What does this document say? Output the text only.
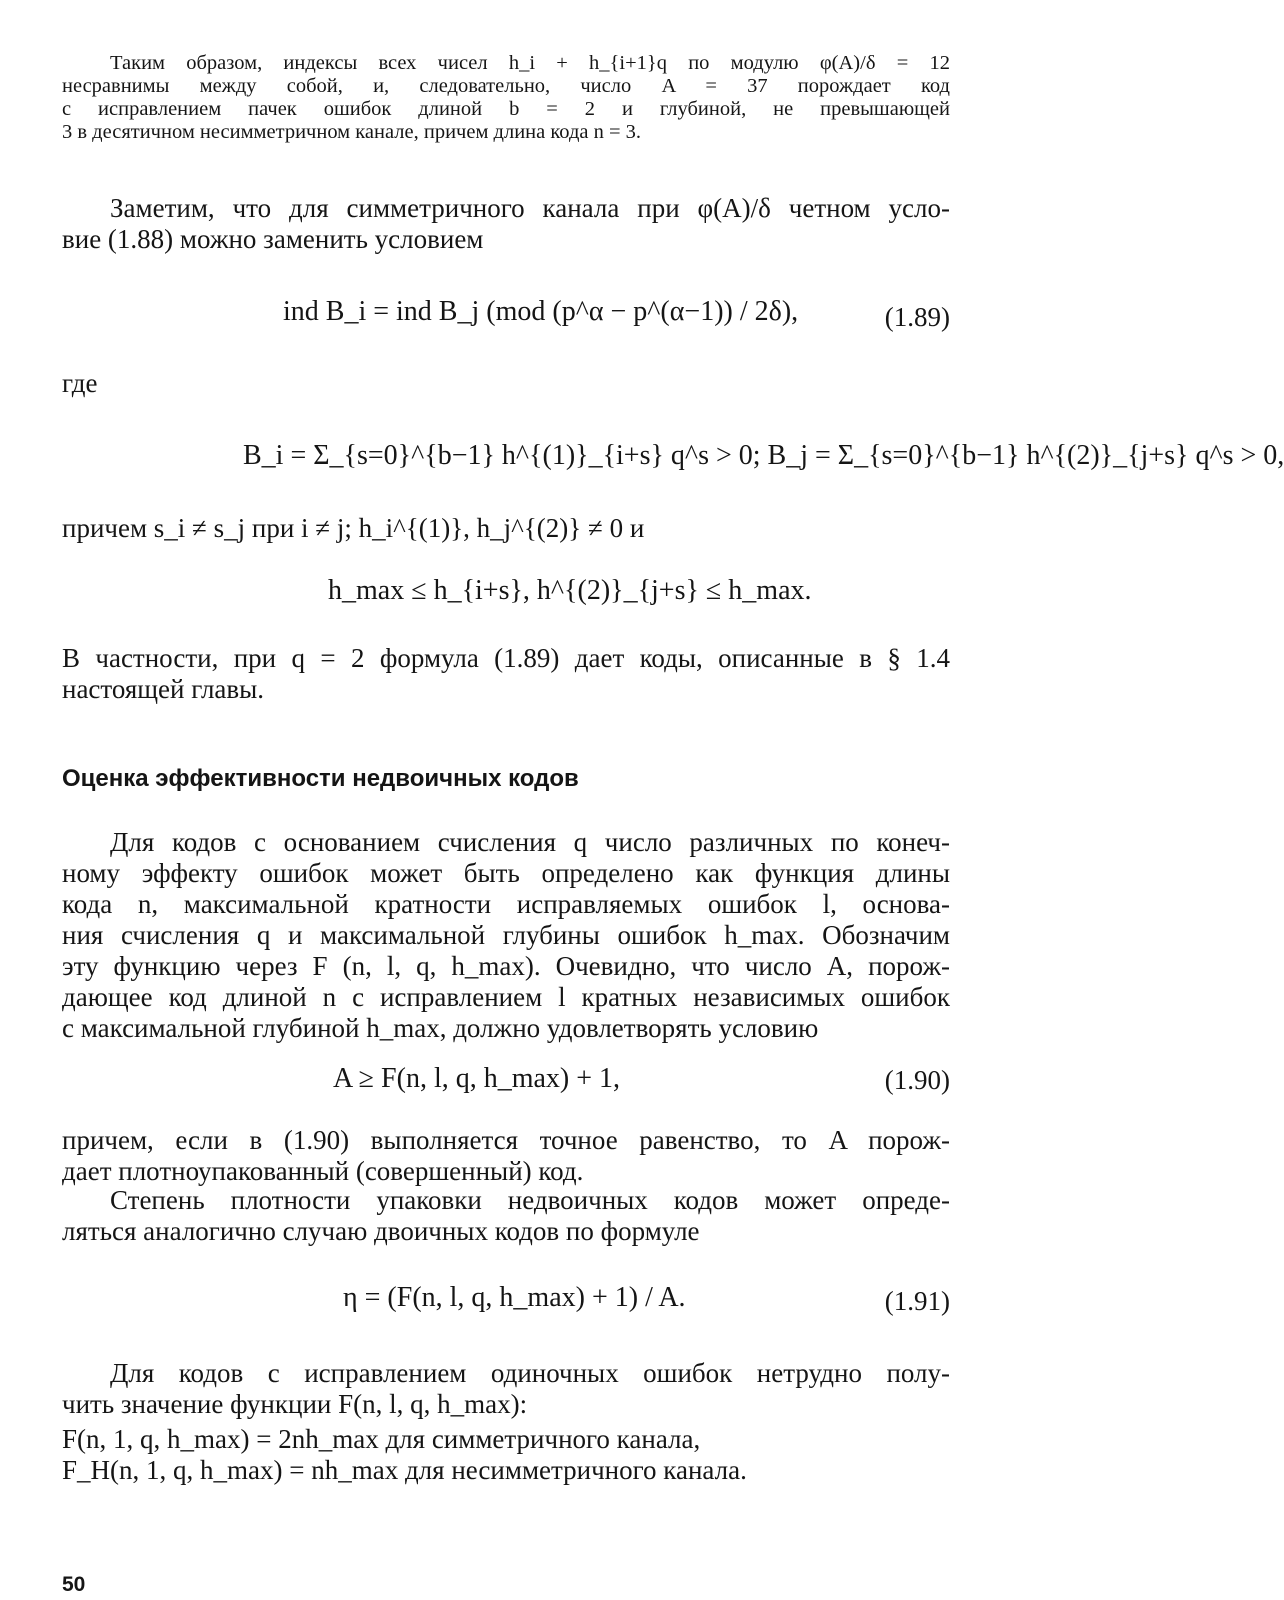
Таким образом, индексы всех чисел h_i + h_{i+1}q по модулю φ(A)/δ = 12
несравнимы между собой, и, следовательно, число A = 37 порождает код
с исправлением пачек ошибок длиной b = 2 и глубиной, не превышающей
3 в десятичном несимметричном канале, причем длина кода n = 3.
Заметим, что для симметричного канала при φ(A)/δ четном усло-
вие (1.88) можно заменить условием
ind B_i = ind B_j (mod (p^α − p^(α−1)) / 2δ),	(1.89)
где
B_i = Σ_{s=0}^{b−1} h^{(1)}_{i+s} q^s > 0; B_j = Σ_{s=0}^{b−1} h^{(2)}_{j+s} q^s > 0,
причем s_i ≠ s_j при i ≠ j; h_i^{(1)}, h_j^{(2)} ≠ 0 и
h_max ≤ h_{i+s}, h^{(2)}_{j+s} ≤ h_max.
В частности, при q = 2 формула (1.89) дает коды, описанные в § 1.4
настоящей главы.
Оценка эффективности недвоичных кодов
Для кодов с основанием счисления q число различных по конеч-
ному эффекту ошибок может быть определено как функция длины
кода n, максимальной кратности исправляемых ошибок l, основа-
ния счисления q и максимальной глубины ошибок h_max. Обозначим
эту функцию через F (n, l, q, h_max). Очевидно, что число A, порож-
дающее код длиной n с исправлением l кратных независимых ошибок
с максимальной глубиной h_max, должно удовлетворять условию
A ≥ F(n, l, q, h_max) + 1,	(1.90)
причем, если в (1.90) выполняется точное равенство, то A порож-
дает плотноупакованный (совершенный) код.
Степень плотности упаковки недвоичных кодов может опреде-
ляться аналогично случаю двоичных кодов по формуле
η = (F(n, l, q, h_max) + 1) / A.	(1.91)
Для кодов с исправлением одиночных ошибок нетрудно полу-
чить значение функции F(n, l, q, h_max):
F(n, 1, q, h_max) = 2nh_max для симметричного канала,
F_H(n, 1, q, h_max) = nh_max для несимметричного канала.
50
